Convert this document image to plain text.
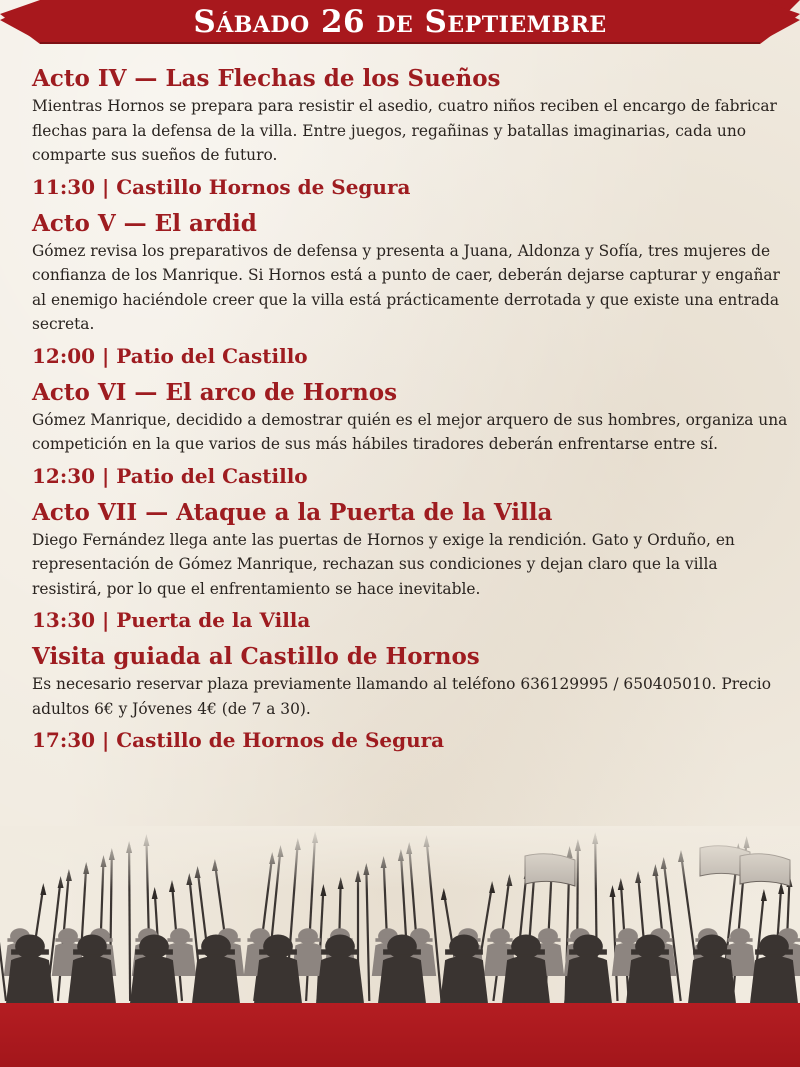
Sábado 26 de Septiembre
Acto IV — Las Flechas de los Sueños
Mientras Hornos se prepara para resistir el asedio, cuatro niños reciben el encargo de fabricar flechas para la defensa de la villa. Entre juegos, regañinas y batallas imaginarias, cada uno comparte sus sueños de futuro.
11:30 | Castillo Hornos de Segura
Acto V — El ardid
Gómez revisa los preparativos de defensa y presenta a Juana, Aldonza y Sofía, tres mujeres de confianza de los Manrique. Si Hornos está a punto de caer, deberán dejarse capturar y engañar al enemigo haciéndole creer que la villa está prácticamente derrotada y que existe una entrada secreta.
12:00 | Patio del Castillo
Acto VI — El arco de Hornos
Gómez Manrique, decidido a demostrar quién es el mejor arquero de sus hombres, organiza una competición en la que varios de sus más hábiles tiradores deberán enfrentarse entre sí.
12:30 | Patio del Castillo
Acto VII — Ataque a la Puerta de la Villa
Diego Fernández llega ante las puertas de Hornos y exige la rendición. Gato y Orduño, en representación de Gómez Manrique, rechazan sus condiciones y dejan claro que la villa resistirá, por lo que el enfrentamiento se hace inevitable.
13:30 | Puerta de la Villa
Visita guiada al Castillo de Hornos
Es necesario reservar plaza previamente llamando al teléfono 636129995 / 650405010. Precio adultos 6€ y Jóvenes 4€ (de 7 a 30).
17:30 | Castillo de Hornos de Segura
